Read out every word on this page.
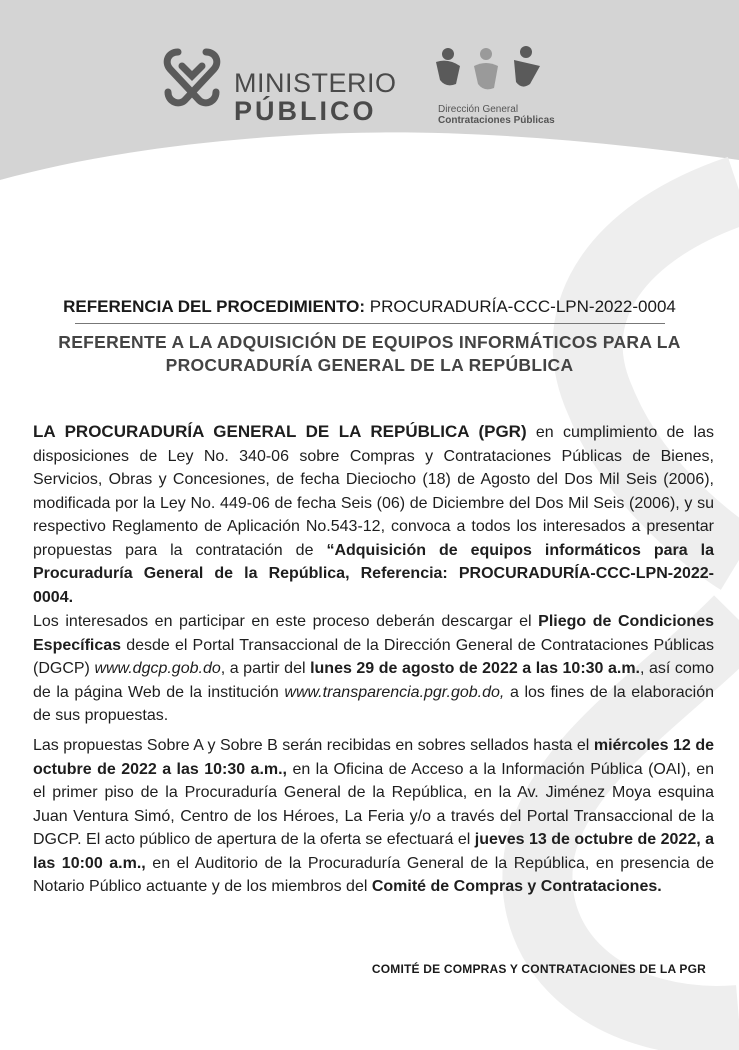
MINISTERIO
PÚBLICO	Dirección General
Contrataciones Públicas
REFERENCIA DEL PROCEDIMIENTO: PROCURADURÍA-CCC-LPN-2022-0004
REFERENTE A LA ADQUISICIÓN DE EQUIPOS INFORMÁTICOS PARA LA PROCURADURÍA GENERAL DE LA REPÚBLICA
LA PROCURADURÍA GENERAL DE LA REPÚBLICA (PGR) en cumplimiento de las disposiciones de Ley No. 340-06 sobre Compras y Contrataciones Públicas de Bienes, Servicios, Obras y Concesiones, de fecha Dieciocho (18) de Agosto del Dos Mil Seis (2006), modificada por la Ley No. 449-06 de fecha Seis (06) de Diciembre del Dos Mil Seis (2006), y su respectivo Reglamento de Aplicación No.543-12, convoca a todos los interesados a presentar propuestas para la contratación de “Adquisición de equipos informáticos para la Procuraduría General de la República, Referencia: PROCURADURÍA-CCC-LPN-2022-0004.
Los interesados en participar en este proceso deberán descargar el Pliego de Condiciones Específicas desde el Portal Transaccional de la Dirección General de Contrataciones Públicas (DGCP) www.dgcp.gob.do, a partir del lunes 29 de agosto de 2022 a las 10:30 a.m., así como de la página Web de la institución www.transparencia.pgr.gob.do, a los fines de la elaboración de sus propuestas.
Las propuestas Sobre A y Sobre B serán recibidas en sobres sellados hasta el miércoles 12 de octubre de 2022 a las 10:30 a.m., en la Oficina de Acceso a la Información Pública (OAI), en el primer piso de la Procuraduría General de la República, en la Av. Jiménez Moya esquina Juan Ventura Simó, Centro de los Héroes, La Feria y/o a través del Portal Transaccional de la DGCP. El acto público de apertura de la oferta se efectuará el jueves 13 de octubre de 2022, a las 10:00 a.m., en el Auditorio de la Procuraduría General de la República, en presencia de Notario Público actuante y de los miembros del Comité de Compras y Contrataciones.
COMITÉ DE COMPRAS Y CONTRATACIONES DE LA PGR
